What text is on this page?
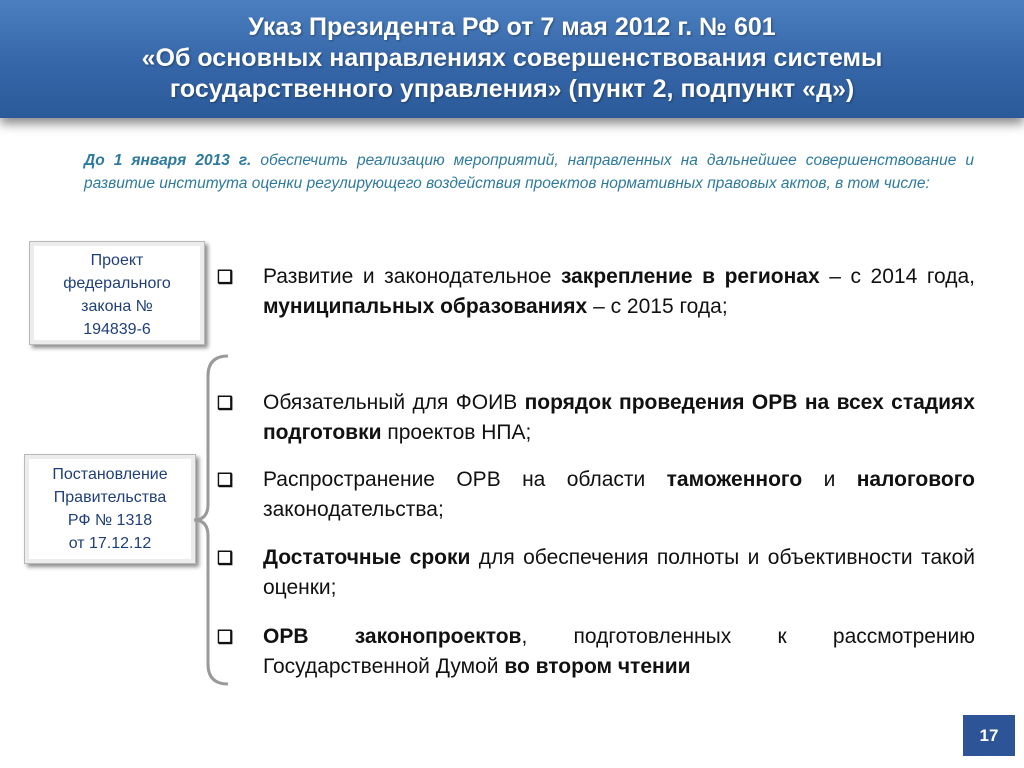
Указ Президента РФ от 7 мая 2012 г. № 601
«Об основных направлениях совершенствования системы
государственного управления» (пункт 2, подпункт «д»)
До 1 января 2013 г. обеспечить реализацию мероприятий, направленных на дальнейшее совершенствование и развитие института оценки регулирующего воздействия проектов нормативных правовых актов, в том числе:
Проект
федерального
закона №
194839-6
Постановление
Правительства
РФ № 1318
от 17.12.12
❑ Развитие и законодательное закрепление в регионах – с 2014 года, муниципальных образованиях – с 2015 года;
❑ Обязательный для ФОИВ порядок проведения ОРВ на всех стадиях подготовки проектов НПА;
❑ Распространение ОРВ на области таможенного и налогового законодательства;
❑ Достаточные сроки для обеспечения полноты и объективности такой оценки;
❑ ОРВ законопроектов, подготовленных к рассмотрению Государственной Думой во втором чтении
17
